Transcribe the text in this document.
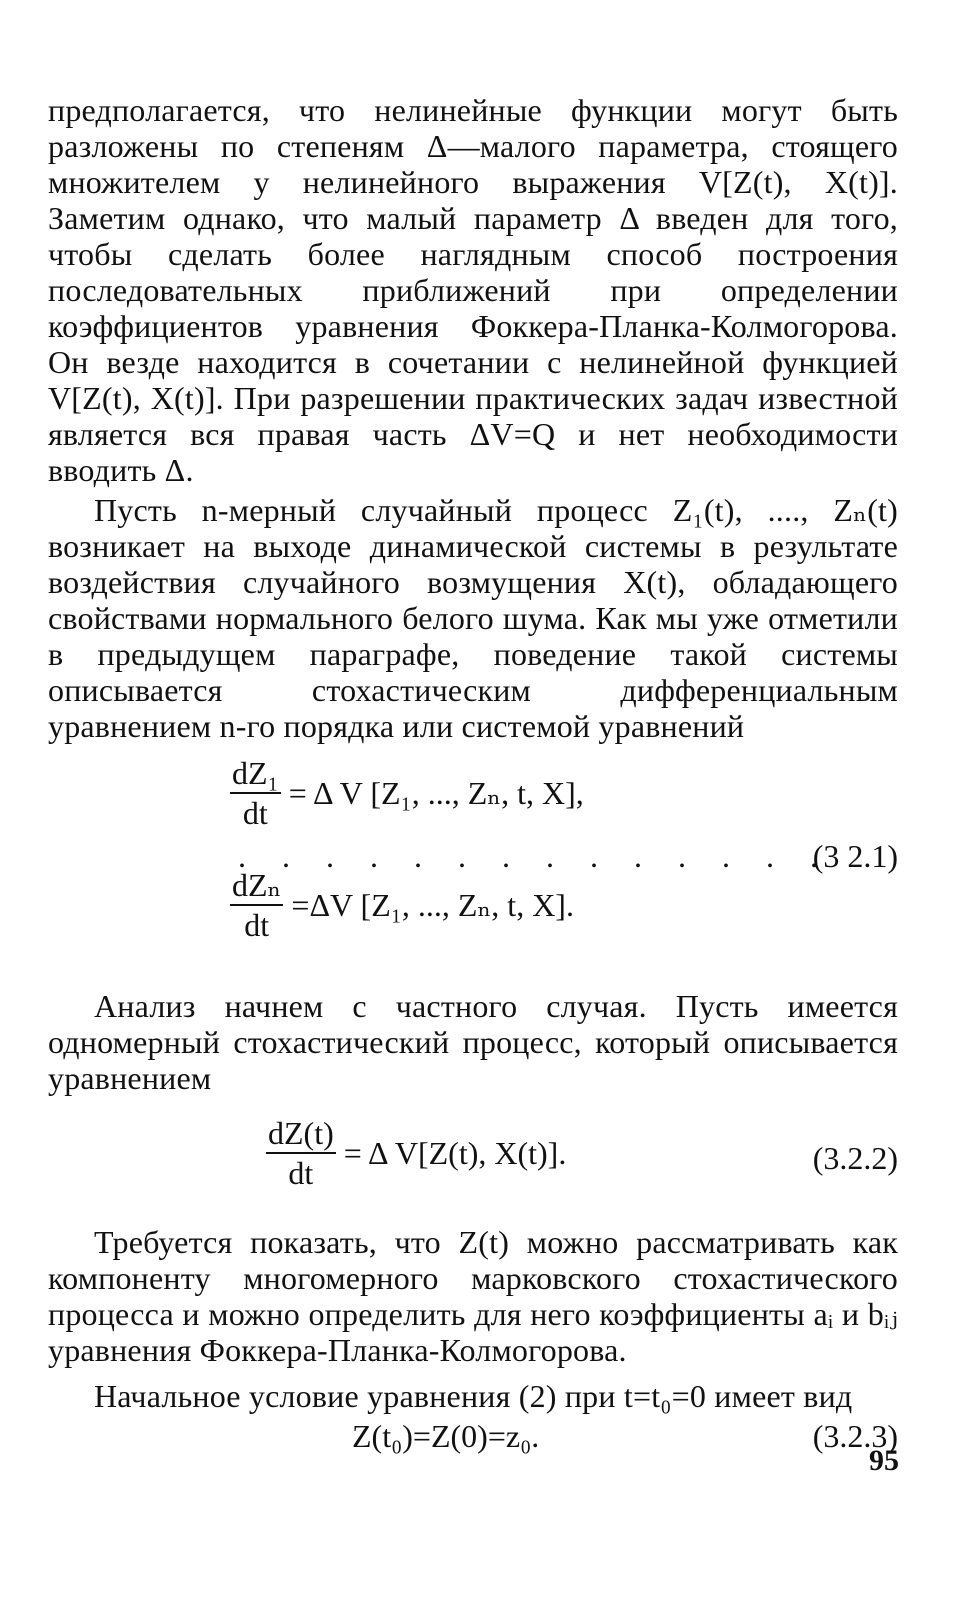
предполагается, что нелинейные функции могут быть разложены по степеням Δ—малого параметра, стоящего множителем у нелинейного выражения V[Z(t), X(t)]. Заметим однако, что малый параметр Δ введен для того, чтобы сделать более наглядным способ построения последовательных приближений при определении коэффициентов уравнения Фоккера-Планка-Колмогорова. Он везде находится в сочетании с нелинейной функцией V[Z(t), X(t)]. При разрешении практических задач известной является вся правая часть ΔV=Q и нет необходимости вводить Δ.

Пусть n-мерный случайный процесс Z₁(t), ...., Zₙ(t) возникает на выходе динамической системы в результате воздействия случайного возмущения X(t), обладающего свойствами нормального белого шума. Как мы уже отметили в предыдущем параграфе, поведение такой системы описывается стохастическим дифференциальным уравнением n-го порядка или системой уравнений

$\frac{\text{dZ₁}}{dt} = \Delta$ V [Z₁, ..., Zₙ, t, X],
. . . . . . . . . . . . . .
(3 2.1)
$\frac{\text{dZₙ}}{dt} =\Delta V$ [Z₁, ..., Zₙ, t, X].

Анализ начнем с частного случая. Пусть имеется одномерный стохастический процесс, который описывается уравнением

$\frac{dZ(t)}{dt} = \Delta$ V[Z(t), X(t)].	(3.2.2)

Требуется показать, что Z(t) можно рассматривать как компоненту многомерного марковского стохастического процесса и можно определить для него коэффициенты aᵢ и bᵢⱼ уравнения Фоккера-Планка-Колмогорова.

Начальное условие уравнения (2) при t=t₀=0 имеет вид

Z(t₀)=Z(0)=z₀.	(3.2.3)
95
